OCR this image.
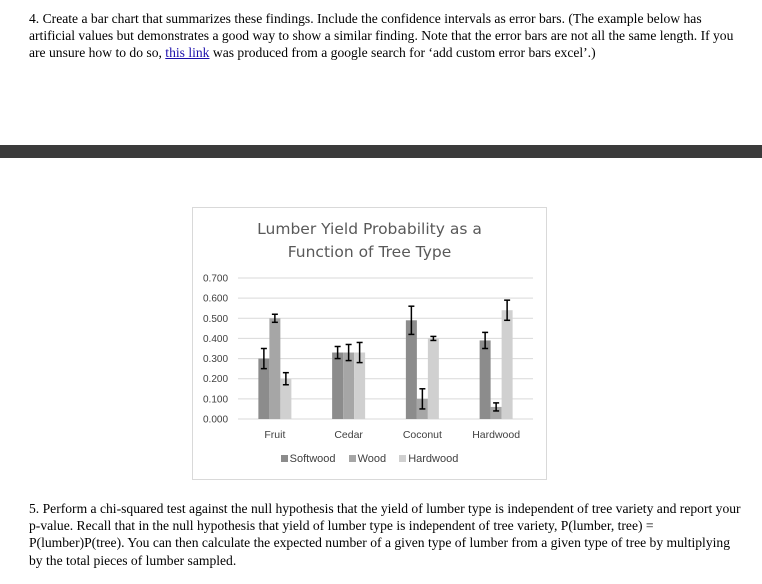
4. Create a bar chart that summarizes these findings. Include the confidence intervals as error bars. (The example below has artificial values but demonstrates a good way to show a similar finding. Note that the error bars are not all the same length. If you are unsure how to do so, this link was produced from a google search for ‘add custom error bars excel’.)

Lumber Yield Probability as a
Function of Tree Type
0.000
0.100
0.200
0.300
0.400
0.500
0.600
0.700
Fruit	Cedar	Coconut	Hardwood
Softwood Wood Hardwood

5. Perform a chi-squared test against the null hypothesis that the yield of lumber type is independent of tree variety and report your p-value. Recall that in the null hypothesis that yield of lumber type is independent of tree variety, P(lumber, tree) = P(lumber)P(tree). You can then calculate the expected number of a given type of lumber from a given type of tree by multiplying by the total pieces of lumber sampled.
